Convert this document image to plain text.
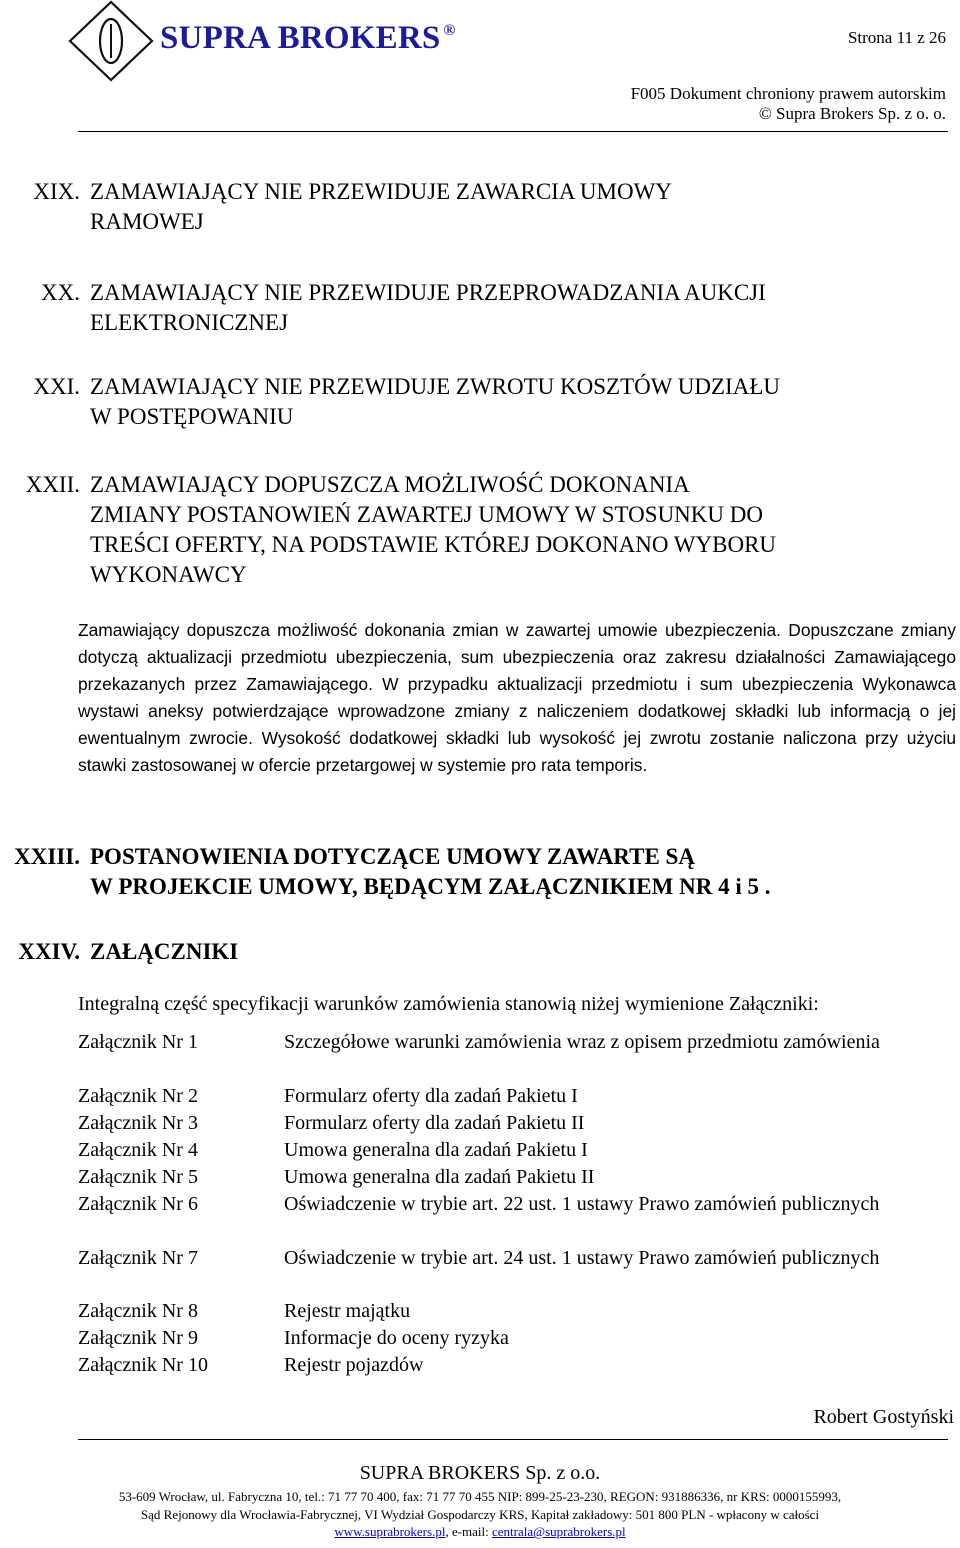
SUPRA BROKERS ®	Strona 11 z 26
F005 Dokument chroniony prawem autorskim
© Supra Brokers Sp. z o. o.
XIX. ZAMAWIAJĄCY NIE PRZEWIDUJE ZAWARCIA UMOWY
RAMOWEJ
XX. ZAMAWIAJĄCY NIE PRZEWIDUJE PRZEPROWADZANIA AUKCJI
ELEKTRONICZNEJ
XXI. ZAMAWIAJĄCY NIE PRZEWIDUJE ZWROTU KOSZTÓW UDZIAŁU
W POSTĘPOWANIU
XXII. ZAMAWIAJĄCY DOPUSZCZA MOŻLIWOŚĆ DOKONANIA
ZMIANY POSTANOWIEŃ ZAWARTEJ UMOWY W STOSUNKU DO
TREŚCI OFERTY, NA PODSTAWIE KTÓREJ DOKONANO WYBORU
WYKONAWCY
Zamawiający dopuszcza możliwość dokonania zmian w zawartej umowie ubezpieczenia. Dopuszczane zmiany dotyczą aktualizacji przedmiotu ubezpieczenia, sum ubezpieczenia oraz zakresu działalności Zamawiającego przekazanych przez Zamawiającego. W przypadku aktualizacji przedmiotu i sum ubezpieczenia Wykonawca wystawi aneksy potwierdzające wprowadzone zmiany z naliczeniem dodatkowej składki lub informacją o jej ewentualnym zwrocie. Wysokość dodatkowej składki lub wysokość jej zwrotu zostanie naliczona przy użyciu stawki zastosowanej w ofercie przetargowej w systemie pro rata temporis.
XXIII. POSTANOWIENIA DOTYCZĄCE UMOWY ZAWARTE SĄ
W PROJEKCIE UMOWY, BĘDĄCYM ZAŁĄCZNIKIEM NR 4 i 5 .
XXIV. ZAŁĄCZNIKI
Integralną część specyfikacji warunków zamówienia stanowią niżej wymienione Załączniki:
Załącznik Nr 1	Szczegółowe warunki zamówienia wraz z opisem przedmiotu zamówienia
Załącznik Nr 2	Formularz oferty dla zadań Pakietu I
Załącznik Nr 3	Formularz oferty dla zadań Pakietu II
Załącznik Nr 4	Umowa generalna dla zadań Pakietu I
Załącznik Nr 5	Umowa generalna dla zadań Pakietu II
Załącznik Nr 6	Oświadczenie w trybie art. 22 ust. 1 ustawy Prawo zamówień publicznych
Załącznik Nr 7	Oświadczenie w trybie art. 24 ust. 1 ustawy Prawo zamówień publicznych
Załącznik Nr 8	Rejestr majątku
Załącznik Nr 9	Informacje do oceny ryzyka
Załącznik Nr 10	Rejestr pojazdów
Robert Gostyński
SUPRA BROKERS Sp. z o.o.
53-609 Wrocław, ul. Fabryczna 10, tel.: 71 77 70 400, fax: 71 77 70 455 NIP: 899-25-23-230, REGON: 931886336, nr KRS: 0000155993,
Sąd Rejonowy dla Wrocławia-Fabrycznej, VI Wydział Gospodarczy KRS, Kapitał zakładowy: 501 800 PLN - wpłacony w całości
www.suprabrokers.pl, e-mail: centrala@suprabrokers.pl
